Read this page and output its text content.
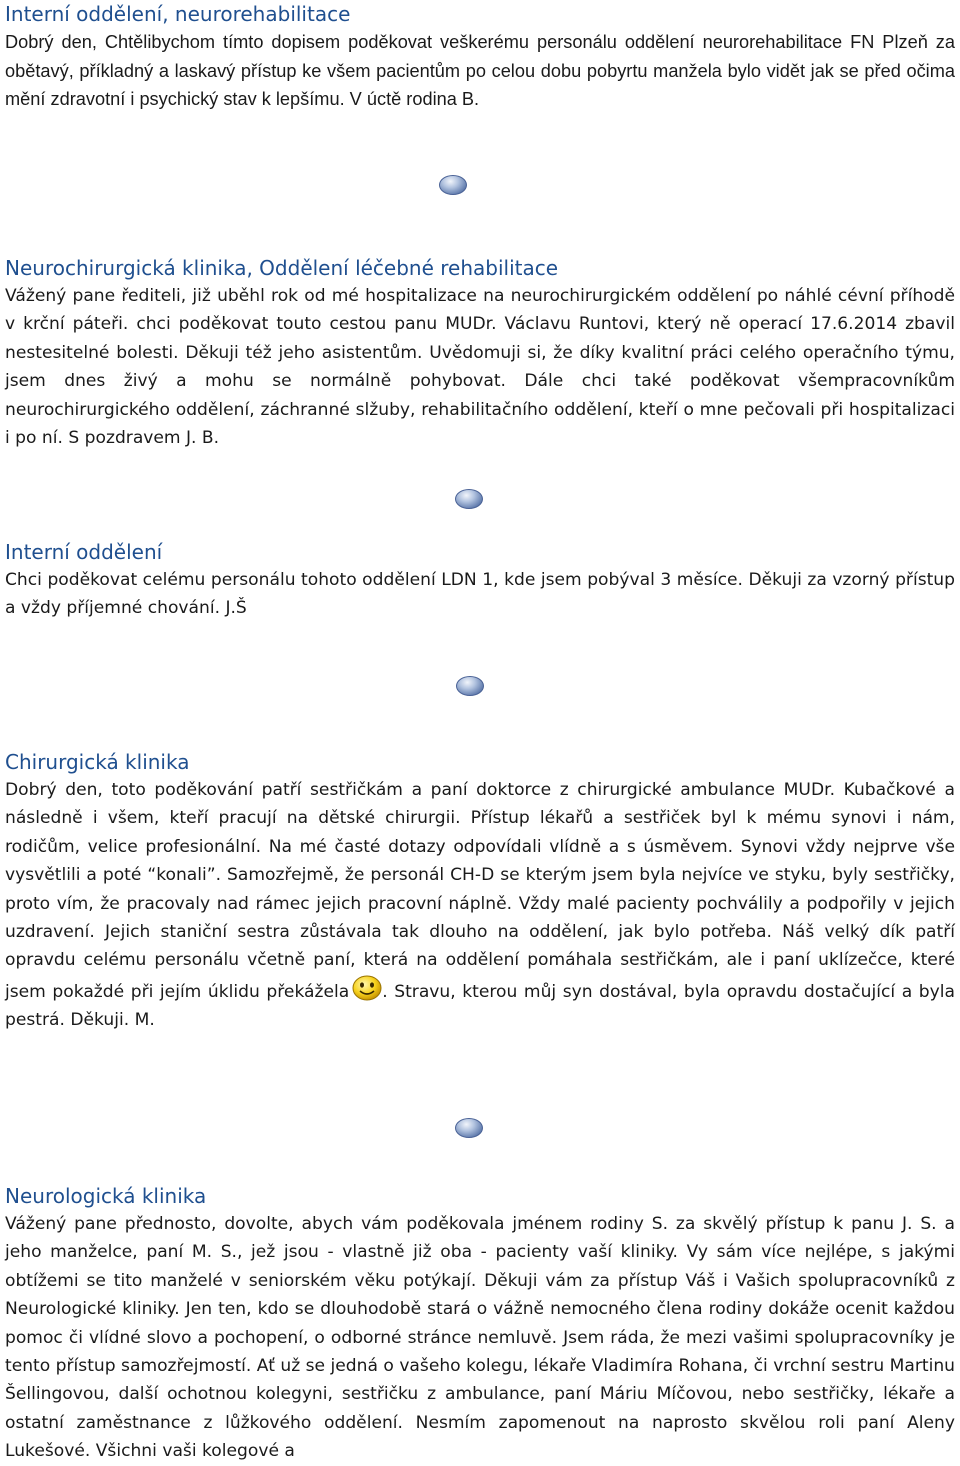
Interní oddělení, neurorehabilitace

Dobrý den, Chtělibychom tímto dopisem poděkovat veškerému personálu oddělení neurorehabilitace FN Plzeň za obětavý, příkladný a laskavý přístup ke všem pacientům po celou dobu pobyrtu manžela bylo vidět jak se před očima mění zdravotní i psychický stav k lepšímu. V úctě rodina B.

Neurochirurgická klinika, Oddělení léčebné rehabilitace

Vážený pane řediteli, již uběhl rok od mé hospitalizace na neurochirurgickém oddělení po náhlé cévní příhodě v krční páteři. chci poděkovat touto cestou panu MUDr. Václavu Runtovi, který ně operací 17.6.2014 zbavil nestesitelné bolesti. Děkuji též jeho asistentům. Uvědomuji si, že díky kvalitní práci celého operačního týmu, jsem dnes živý a mohu se normálně pohybovat. Dále chci také poděkovat všempracovníkům neurochirurgického oddělení, záchranné slžuby, rehabilitačního oddělení, kteří o mne pečovali při hospitalizaci i po ní. S pozdravem J. B.

Interní oddělení

Chci poděkovat celému personálu tohoto oddělení LDN 1, kde jsem pobýval 3 měsíce. Děkuji za vzorný přístup a vždy příjemné chování. J.Š

Chirurgická klinika

Dobrý den, toto poděkování patří sestřičkám a paní doktorce z chirurgické ambulance MUDr. Kubačkové a následně i všem, kteří pracují na dětské chirurgii. Přístup lékařů a sestřiček byl k mému synovi i nám, rodičům, velice profesionální. Na mé časté dotazy odpovídali vlídně a s úsměvem. Synovi vždy nejprve vše vysvětlili a poté “konali”. Samozřejmě, že personál CH-D se kterým jsem byla nejvíce ve styku, byly sestřičky, proto vím, že pracovaly nad rámec jejich pracovní náplně. Vždy malé pacienty pochválily a podpořily v jejich uzdravení. Jejich staniční sestra zůstávala tak dlouho na oddělení, jak bylo potřeba. Náš velký dík patří opravdu celému personálu včetně paní, která na oddělení pomáhala sestřičkám, ale i paní uklízečce, které jsem pokaždé při jejím úklidu překážela . Stravu, kterou můj syn dostával, byla opravdu dostačující a byla pestrá. Děkuji. M.

Neurologická klinika

Vážený pane přednosto, dovolte, abych vám poděkovala jménem rodiny S. za skvělý přístup k panu J. S. a jeho manželce, paní M. S., jež jsou - vlastně již oba - pacienty vaší kliniky. Vy sám více nejlépe, s jakými obtížemi se tito manželé v seniorském věku potýkají. Děkuji vám za přístup Váš i Vašich spolupracovníků z Neurologické kliniky. Jen ten, kdo se dlouhodobě stará o vážně nemocného člena rodiny dokáže ocenit každou pomoc či vlídné slovo a pochopení, o odborné stránce nemluvě. Jsem ráda, že mezi vašimi spolupracovníky je tento přístup samozřejmostí. Ať už se jedná o vašeho kolegu, lékaře Vladimíra Rohana, či vrchní sestru Martinu Šellingovou, další ochotnou kolegyni, sestřičku z ambulance, paní Máriu Míčovou, nebo sestřičky, lékaře a ostatní zaměstnance z lůžkového oddělení. Nesmím zapomenout na naprosto skvělou roli paní Aleny Lukešové. Všichni vaši kolegové a
